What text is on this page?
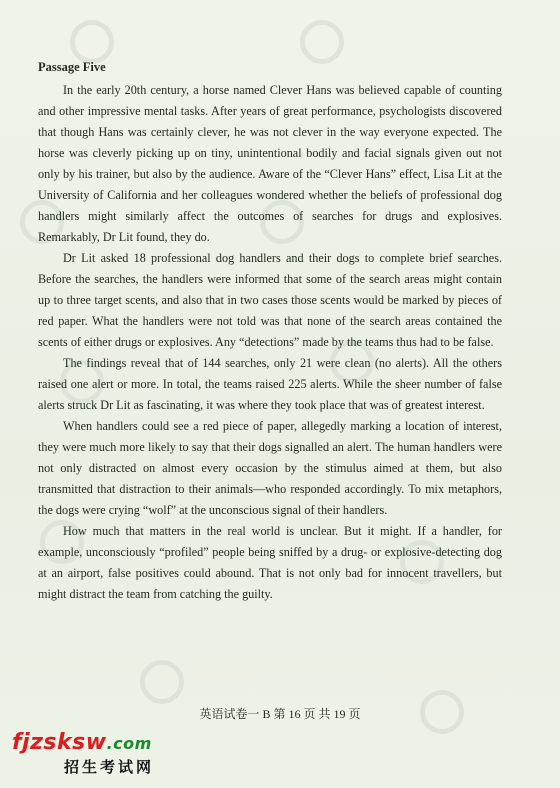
Passage Five

In the early 20th century, a horse named Clever Hans was believed capable of counting and other impressive mental tasks. After years of great performance, psychologists discovered that though Hans was certainly clever, he was not clever in the way everyone expected. The horse was cleverly picking up on tiny, unintentional bodily and facial signals given out not only by his trainer, but also by the audience. Aware of the “Clever Hans” effect, Lisa Lit at the University of California and her colleagues wondered whether the beliefs of professional dog handlers might similarly affect the outcomes of searches for drugs and explosives. Remarkably, Dr Lit found, they do.

Dr Lit asked 18 professional dog handlers and their dogs to complete brief searches. Before the searches, the handlers were informed that some of the search areas might contain up to three target scents, and also that in two cases those scents would be marked by pieces of red paper. What the handlers were not told was that none of the search areas contained the scents of either drugs or explosives. Any “detections” made by the teams thus had to be false.

The findings reveal that of 144 searches, only 21 were clean (no alerts). All the others raised one alert or more. In total, the teams raised 225 alerts. While the sheer number of false alerts struck Dr Lit as fascinating, it was where they took place that was of greatest interest.

When handlers could see a red piece of paper, allegedly marking a location of interest, they were much more likely to say that their dogs signalled an alert. The human handlers were not only distracted on almost every occasion by the stimulus aimed at them, but also transmitted that distraction to their animals—who responded accordingly. To mix metaphors, the dogs were crying “wolf” at the unconscious signal of their handlers.

How much that matters in the real world is unclear. But it might. If a handler, for example, unconsciously “profiled” people being sniffed by a drug- or explosive-detecting dog at an airport, false positives could abound. That is not only bad for innocent travellers, but might distract the team from catching the guilty.

英语试卷一 B 第 16 页 共 19 页
fjzsksw.com
招生考试网
